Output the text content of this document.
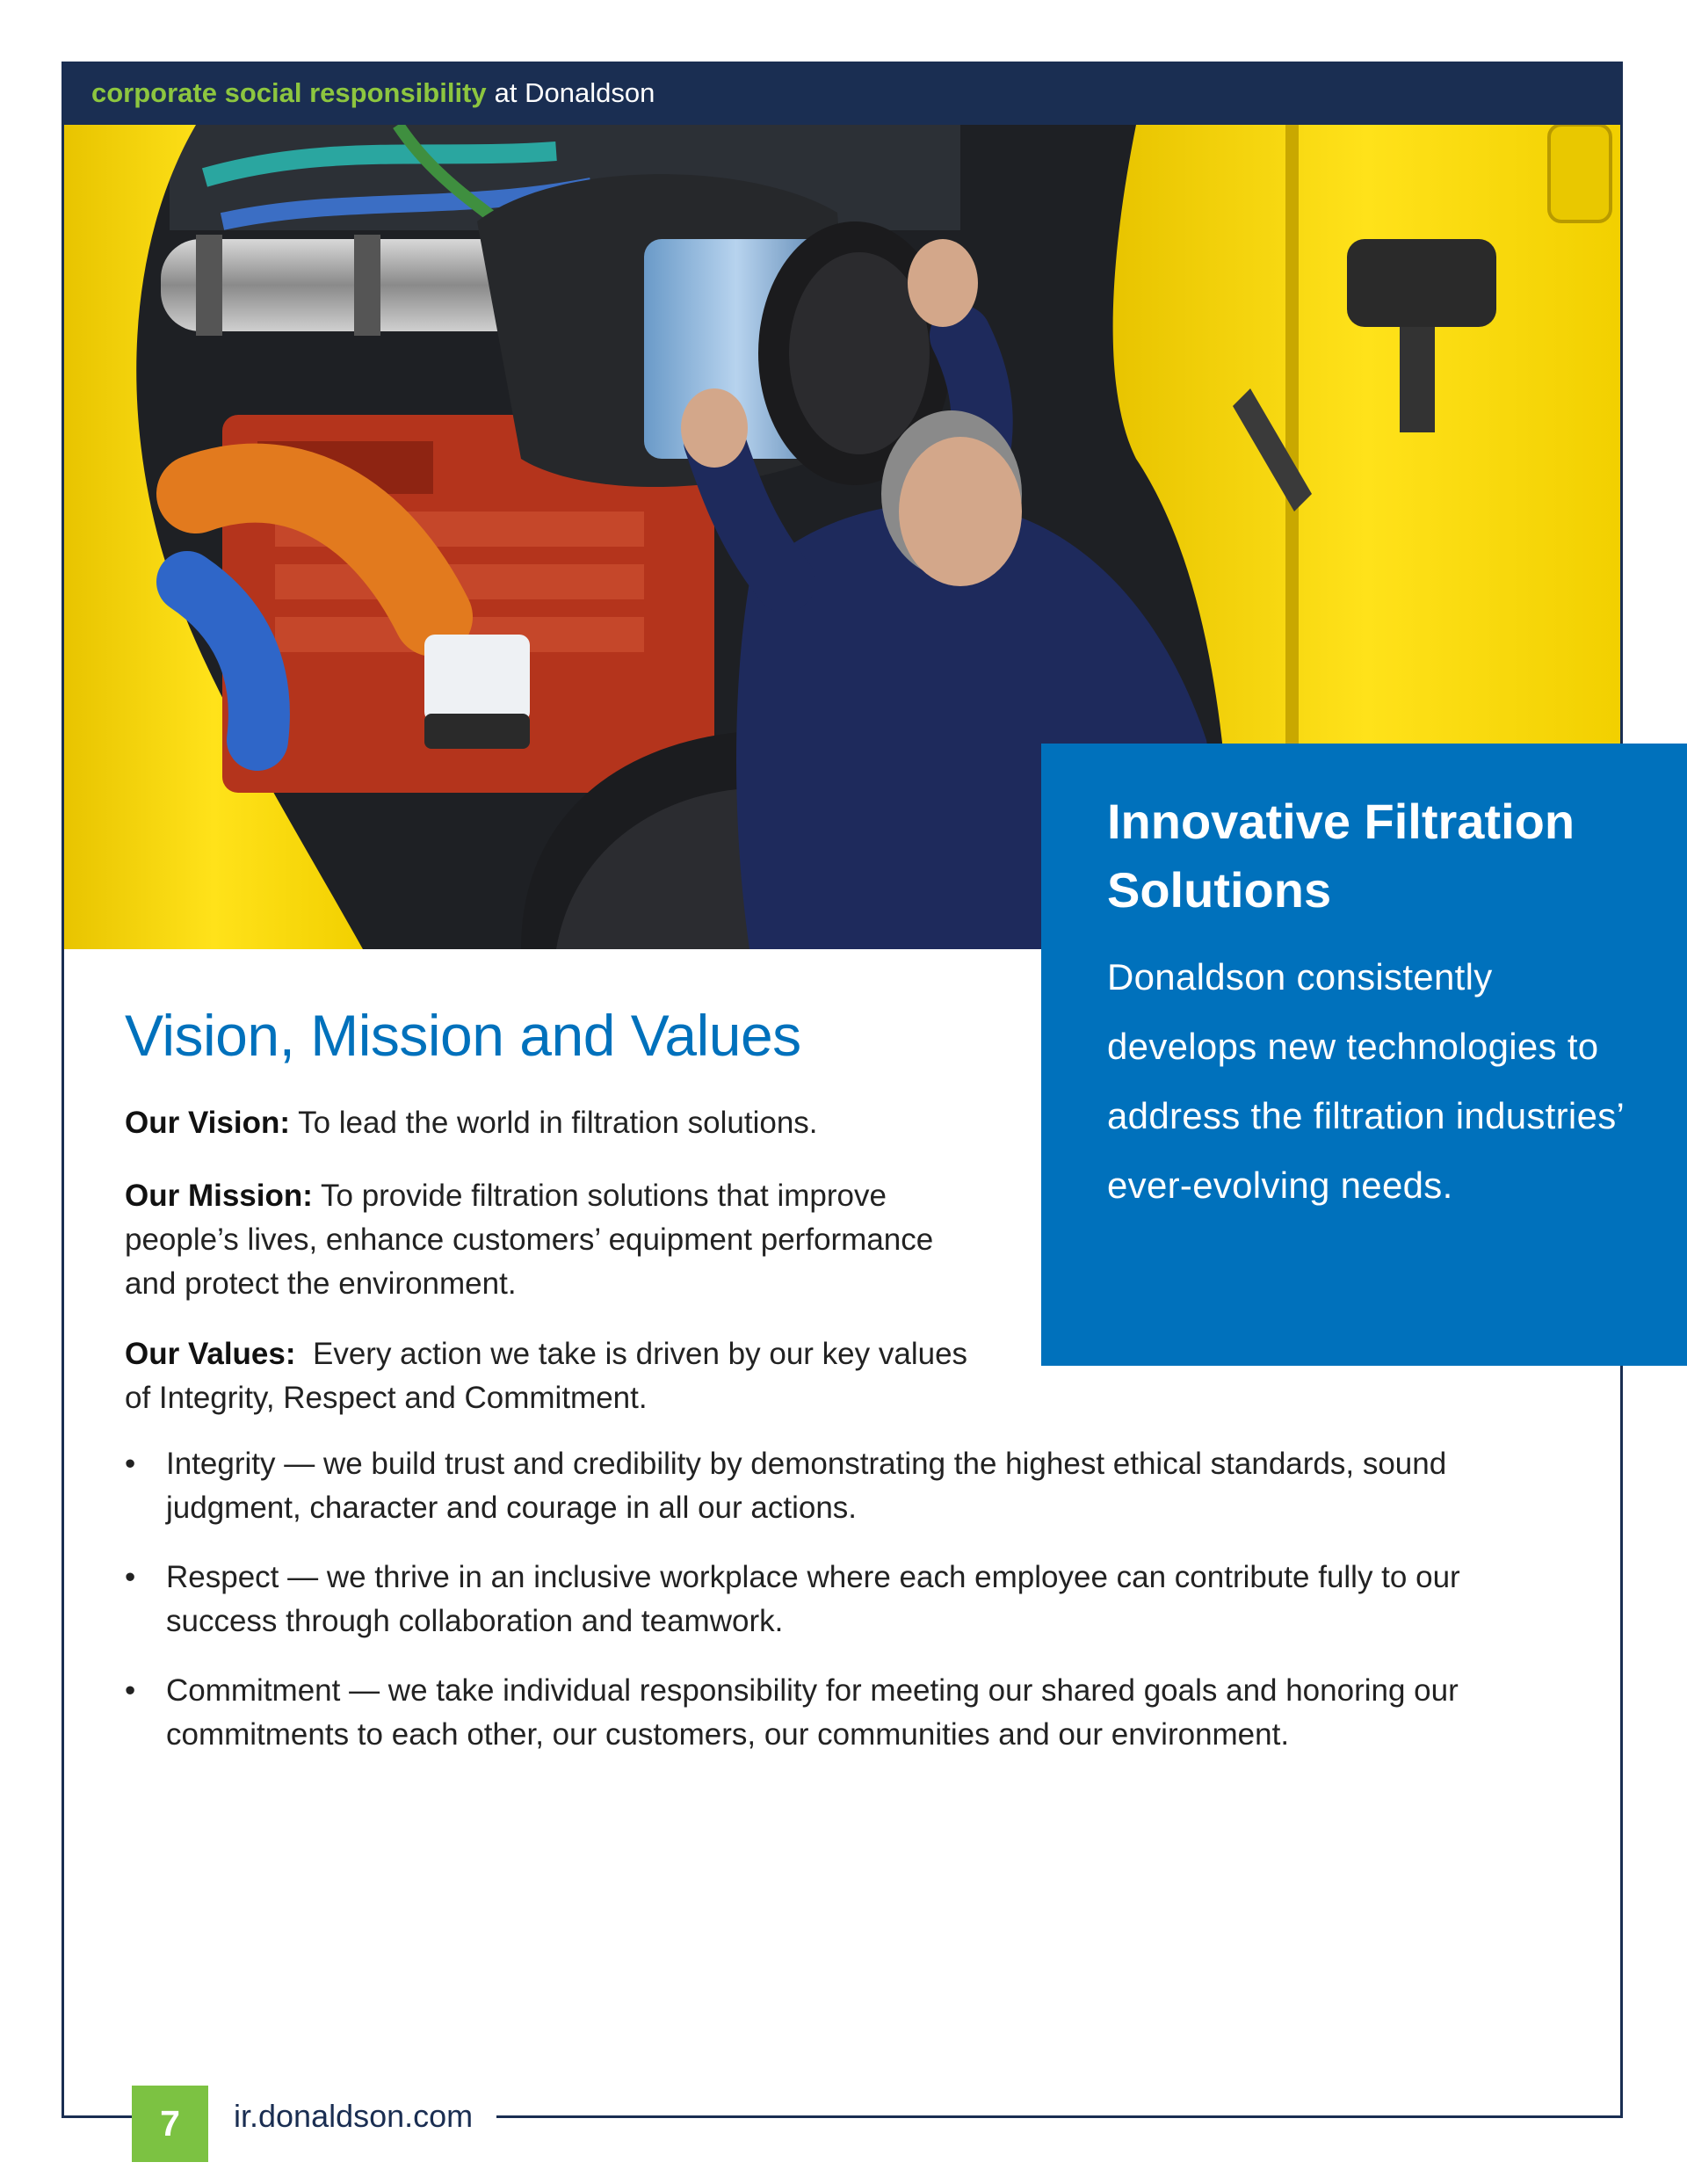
corporate social responsibility at Donaldson
Innovative Filtration Solutions
Donaldson consistently develops new technologies to address the filtration industries’ ever-evolving needs.
Vision, Mission and Values

Our Vision: To lead the world in filtration solutions.

Our Mission: To provide filtration solutions that improve people’s lives, enhance customers’ equipment performance and protect the environment.

Our Values:  Every action we take is driven by our key values of Integrity, Respect and Commitment.

• Integrity — we build trust and credibility by demonstrating the highest ethical standards, sound judgment, character and courage in all our actions.
• Respect — we thrive in an inclusive workplace where each employee can contribute fully to our success through collaboration and teamwork.
• Commitment — we take individual responsibility for meeting our shared goals and honoring our commitments to each other, our customers, our communities and our environment.
7	ir.donaldson.com
